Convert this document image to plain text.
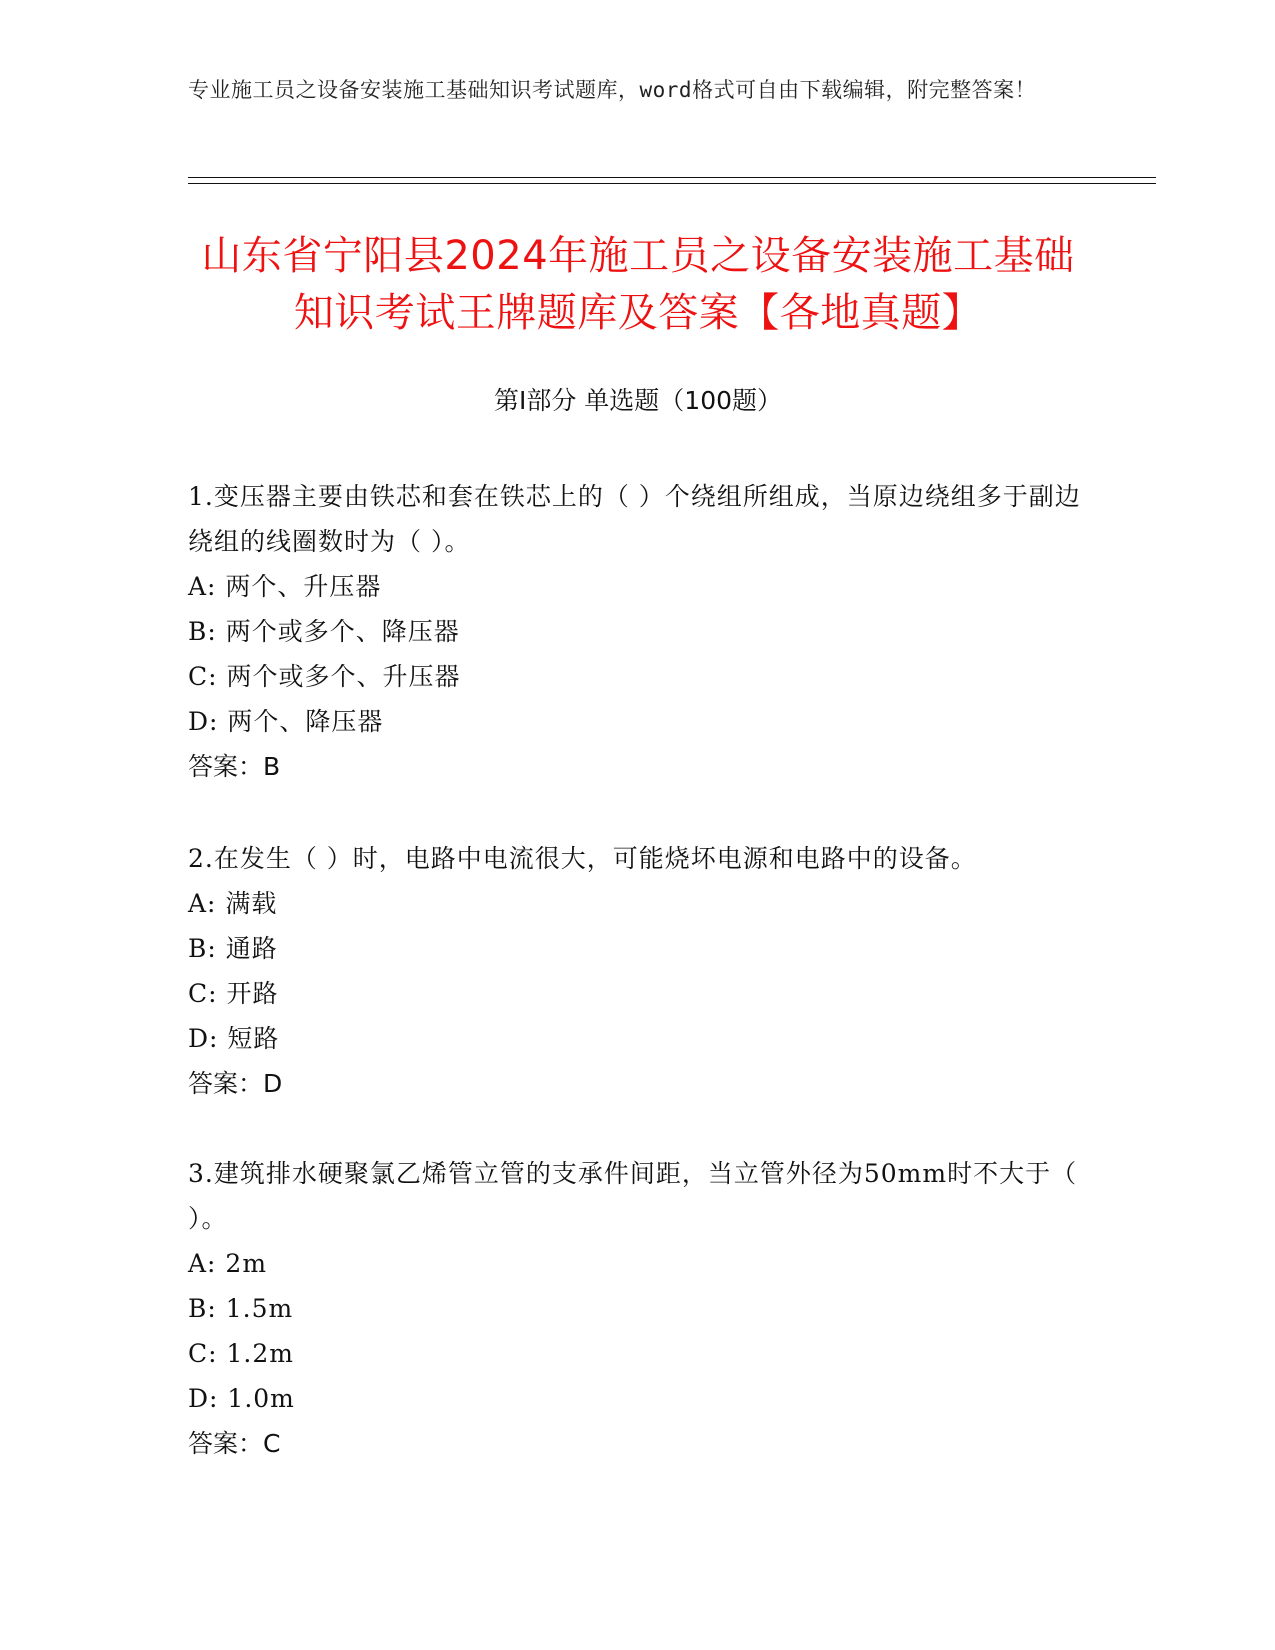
专业施工员之设备安装施工基础知识考试题库，word格式可自由下载编辑，附完整答案！
山东省宁阳县2024年施工员之设备安装施工基础知识考试王牌题库及答案【各地真题】
第I部分 单选题（100题）
1.变压器主要由铁芯和套在铁芯上的（ ）个绕组所组成，当原边绕组多于副边绕组的线圈数时为（ ）。
A: 两个、升压器
B: 两个或多个、降压器
C: 两个或多个、升压器
D: 两个、降压器
答案：B
2.在发生（ ）时，电路中电流很大，可能烧坏电源和电路中的设备。
A: 满载
B: 通路
C: 开路
D: 短路
答案：D
3.建筑排水硬聚氯乙烯管立管的支承件间距，当立管外径为50mm时不大于（ ）。
A: 2m
B: 1.5m
C: 1.2m
D: 1.0m
答案：C
